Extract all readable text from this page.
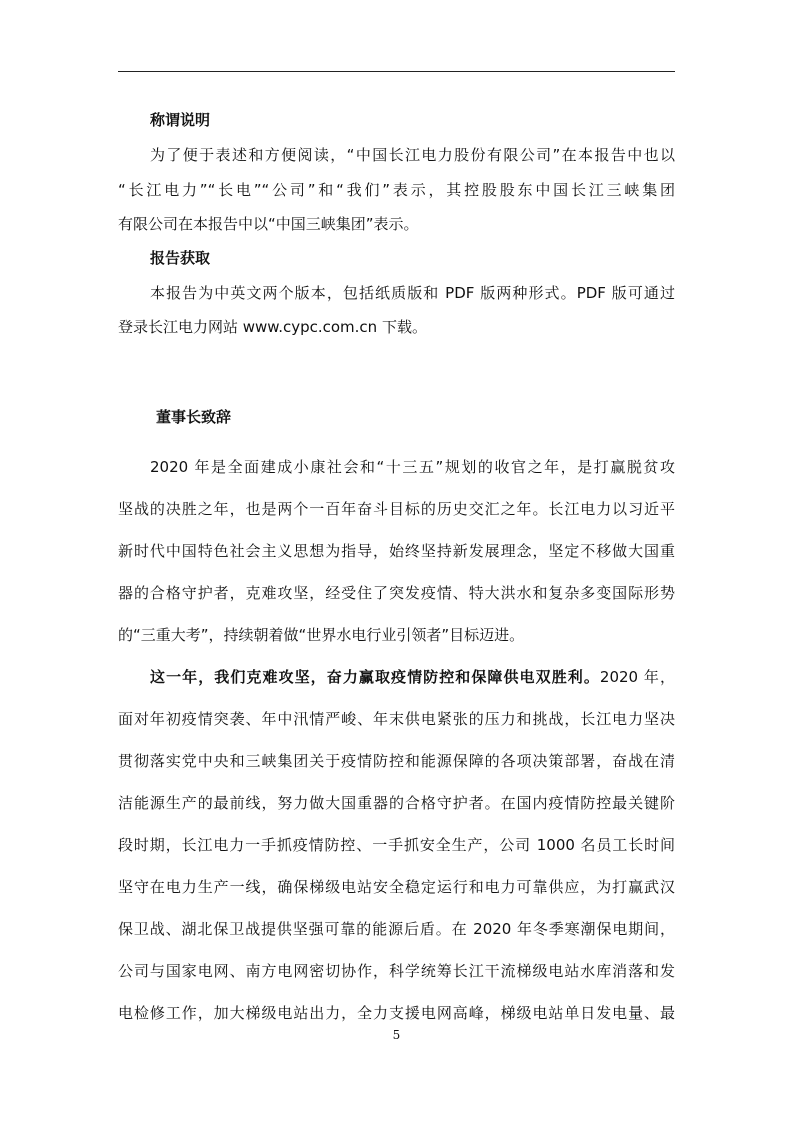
称谓说明
为了便于表述和方便阅读，“中国长江电力股份有限公司”在本报告中也以
“长江电力”“长电”“公司”和“我们”表示，其控股股东中国长江三峡集团
有限公司在本报告中以“中国三峡集团”表示。
报告获取
本报告为中英文两个版本，包括纸质版和 PDF 版两种形式。PDF 版可通过
登录长江电力网站 www.cypc.com.cn 下载。
董事长致辞
2020 年是全面建成小康社会和“十三五”规划的收官之年，是打赢脱贫攻
坚战的决胜之年，也是两个一百年奋斗目标的历史交汇之年。长江电力以习近平
新时代中国特色社会主义思想为指导，始终坚持新发展理念，坚定不移做大国重
器的合格守护者，克难攻坚，经受住了突发疫情、特大洪水和复杂多变国际形势
的“三重大考”，持续朝着做“世界水电行业引领者”目标迈进。
这一年，我们克难攻坚，奋力赢取疫情防控和保障供电双胜利。2020 年，
面对年初疫情突袭、年中汛情严峻、年末供电紧张的压力和挑战，长江电力坚决
贯彻落实党中央和三峡集团关于疫情防控和能源保障的各项决策部署，奋战在清
洁能源生产的最前线，努力做大国重器的合格守护者。在国内疫情防控最关键阶
段时期，长江电力一手抓疫情防控、一手抓安全生产，公司 1000 名员工长时间
坚守在电力生产一线，确保梯级电站安全稳定运行和电力可靠供应，为打赢武汉
保卫战、湖北保卫战提供坚强可靠的能源后盾。在 2020 年冬季寒潮保电期间，
公司与国家电网、南方电网密切协作，科学统筹长江干流梯级电站水库消落和发
电检修工作，加大梯级电站出力，全力支援电网高峰，梯级电站单日发电量、最
5
